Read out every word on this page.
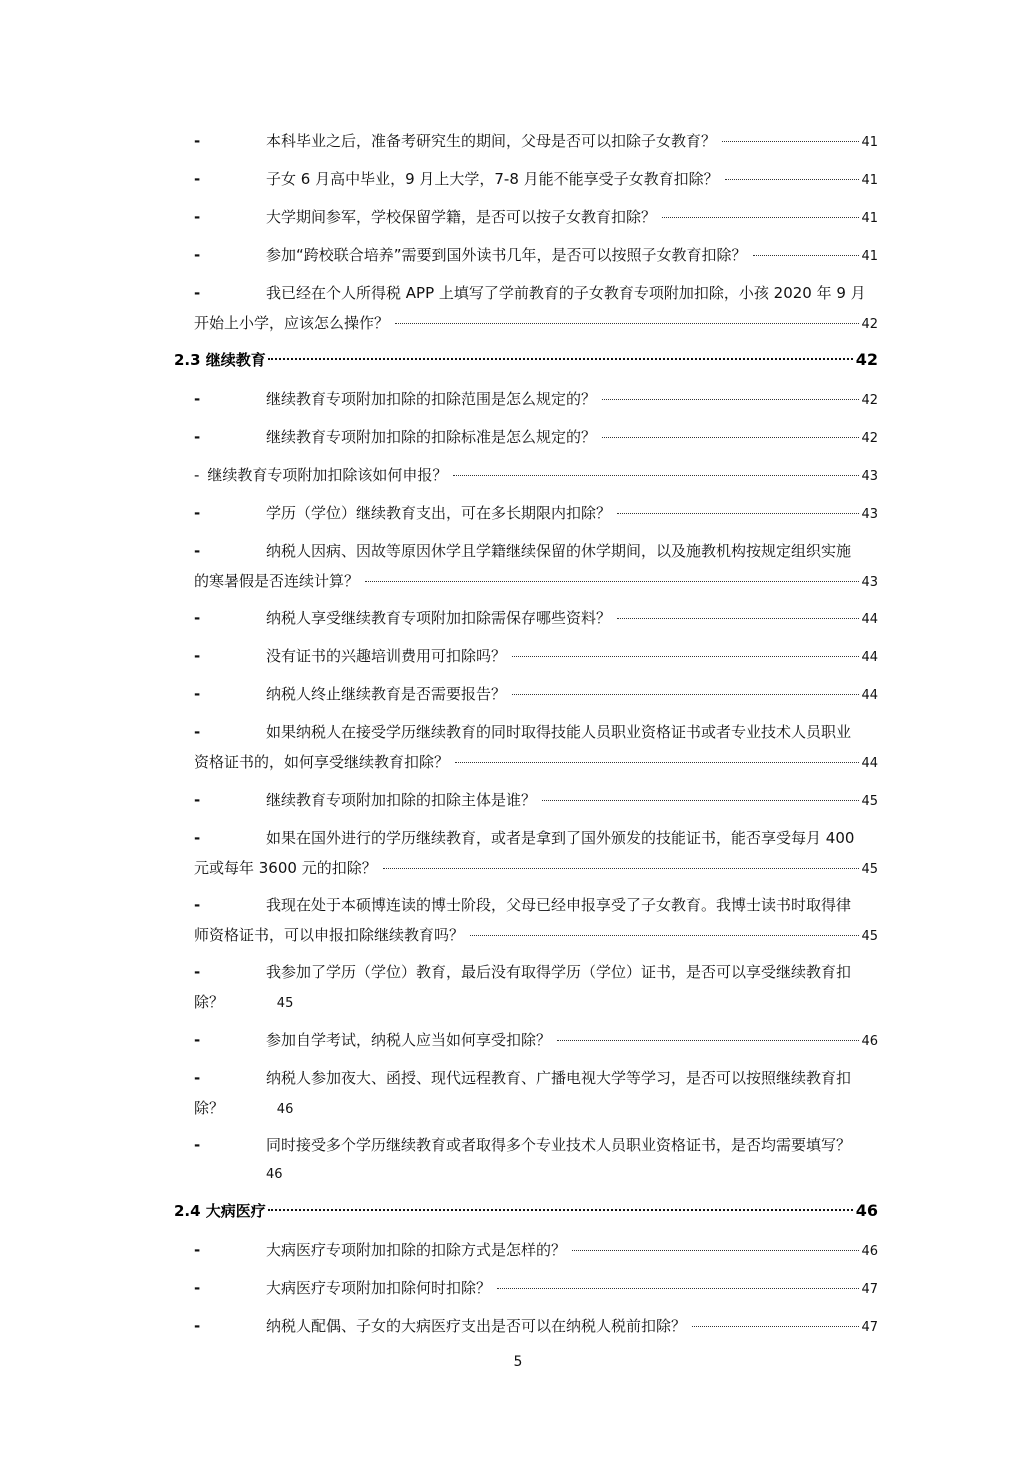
-	本科毕业之后，准备考研究生的期间，父母是否可以扣除子女教育？	41
-	子女 6 月高中毕业，9 月上大学，7-8 月能不能享受子女教育扣除？	41
-	大学期间参军，学校保留学籍，是否可以按子女教育扣除？	41
-	参加“跨校联合培养”需要到国外读书几年，是否可以按照子女教育扣除？	41
-	我已经在个人所得税 APP 上填写了学前教育的子女教育专项附加扣除，小孩 2020 年 9 月
开始上小学，应该怎么操作？	42
2.3 继续教育	42
-	继续教育专项附加扣除的扣除范围是怎么规定的？	42
-	继续教育专项附加扣除的扣除标准是怎么规定的？	42
- 继续教育专项附加扣除该如何申报？	43
-	学历（学位）继续教育支出，可在多长期限内扣除？	43
-	纳税人因病、因故等原因休学且学籍继续保留的休学期间，以及施教机构按规定组织实施
的寒暑假是否连续计算？	43
-	纳税人享受继续教育专项附加扣除需保存哪些资料？	44
-	没有证书的兴趣培训费用可扣除吗？	44
-	纳税人终止继续教育是否需要报告？	44
-	如果纳税人在接受学历继续教育的同时取得技能人员职业资格证书或者专业技术人员职业
资格证书的，如何享受继续教育扣除？	44
-	继续教育专项附加扣除的扣除主体是谁？	45
-	如果在国外进行的学历继续教育，或者是拿到了国外颁发的技能证书，能否享受每月 400
元或每年 3600 元的扣除？	45
-	我现在处于本硕博连读的博士阶段，父母已经申报享受了子女教育。我博士读书时取得律
师资格证书，可以申报扣除继续教育吗？	45
-	我参加了学历（学位）教育，最后没有取得学历（学位）证书，是否可以享受继续教育扣
除？	45
-	参加自学考试，纳税人应当如何享受扣除？	46
-	纳税人参加夜大、函授、现代远程教育、广播电视大学等学习，是否可以按照继续教育扣
除？	46
-	同时接受多个学历继续教育或者取得多个专业技术人员职业资格证书，是否均需要填写？
46
2.4 大病医疗	46
-	大病医疗专项附加扣除的扣除方式是怎样的？	46
-	大病医疗专项附加扣除何时扣除？	47
-	纳税人配偶、子女的大病医疗支出是否可以在纳税人税前扣除？	47
5
